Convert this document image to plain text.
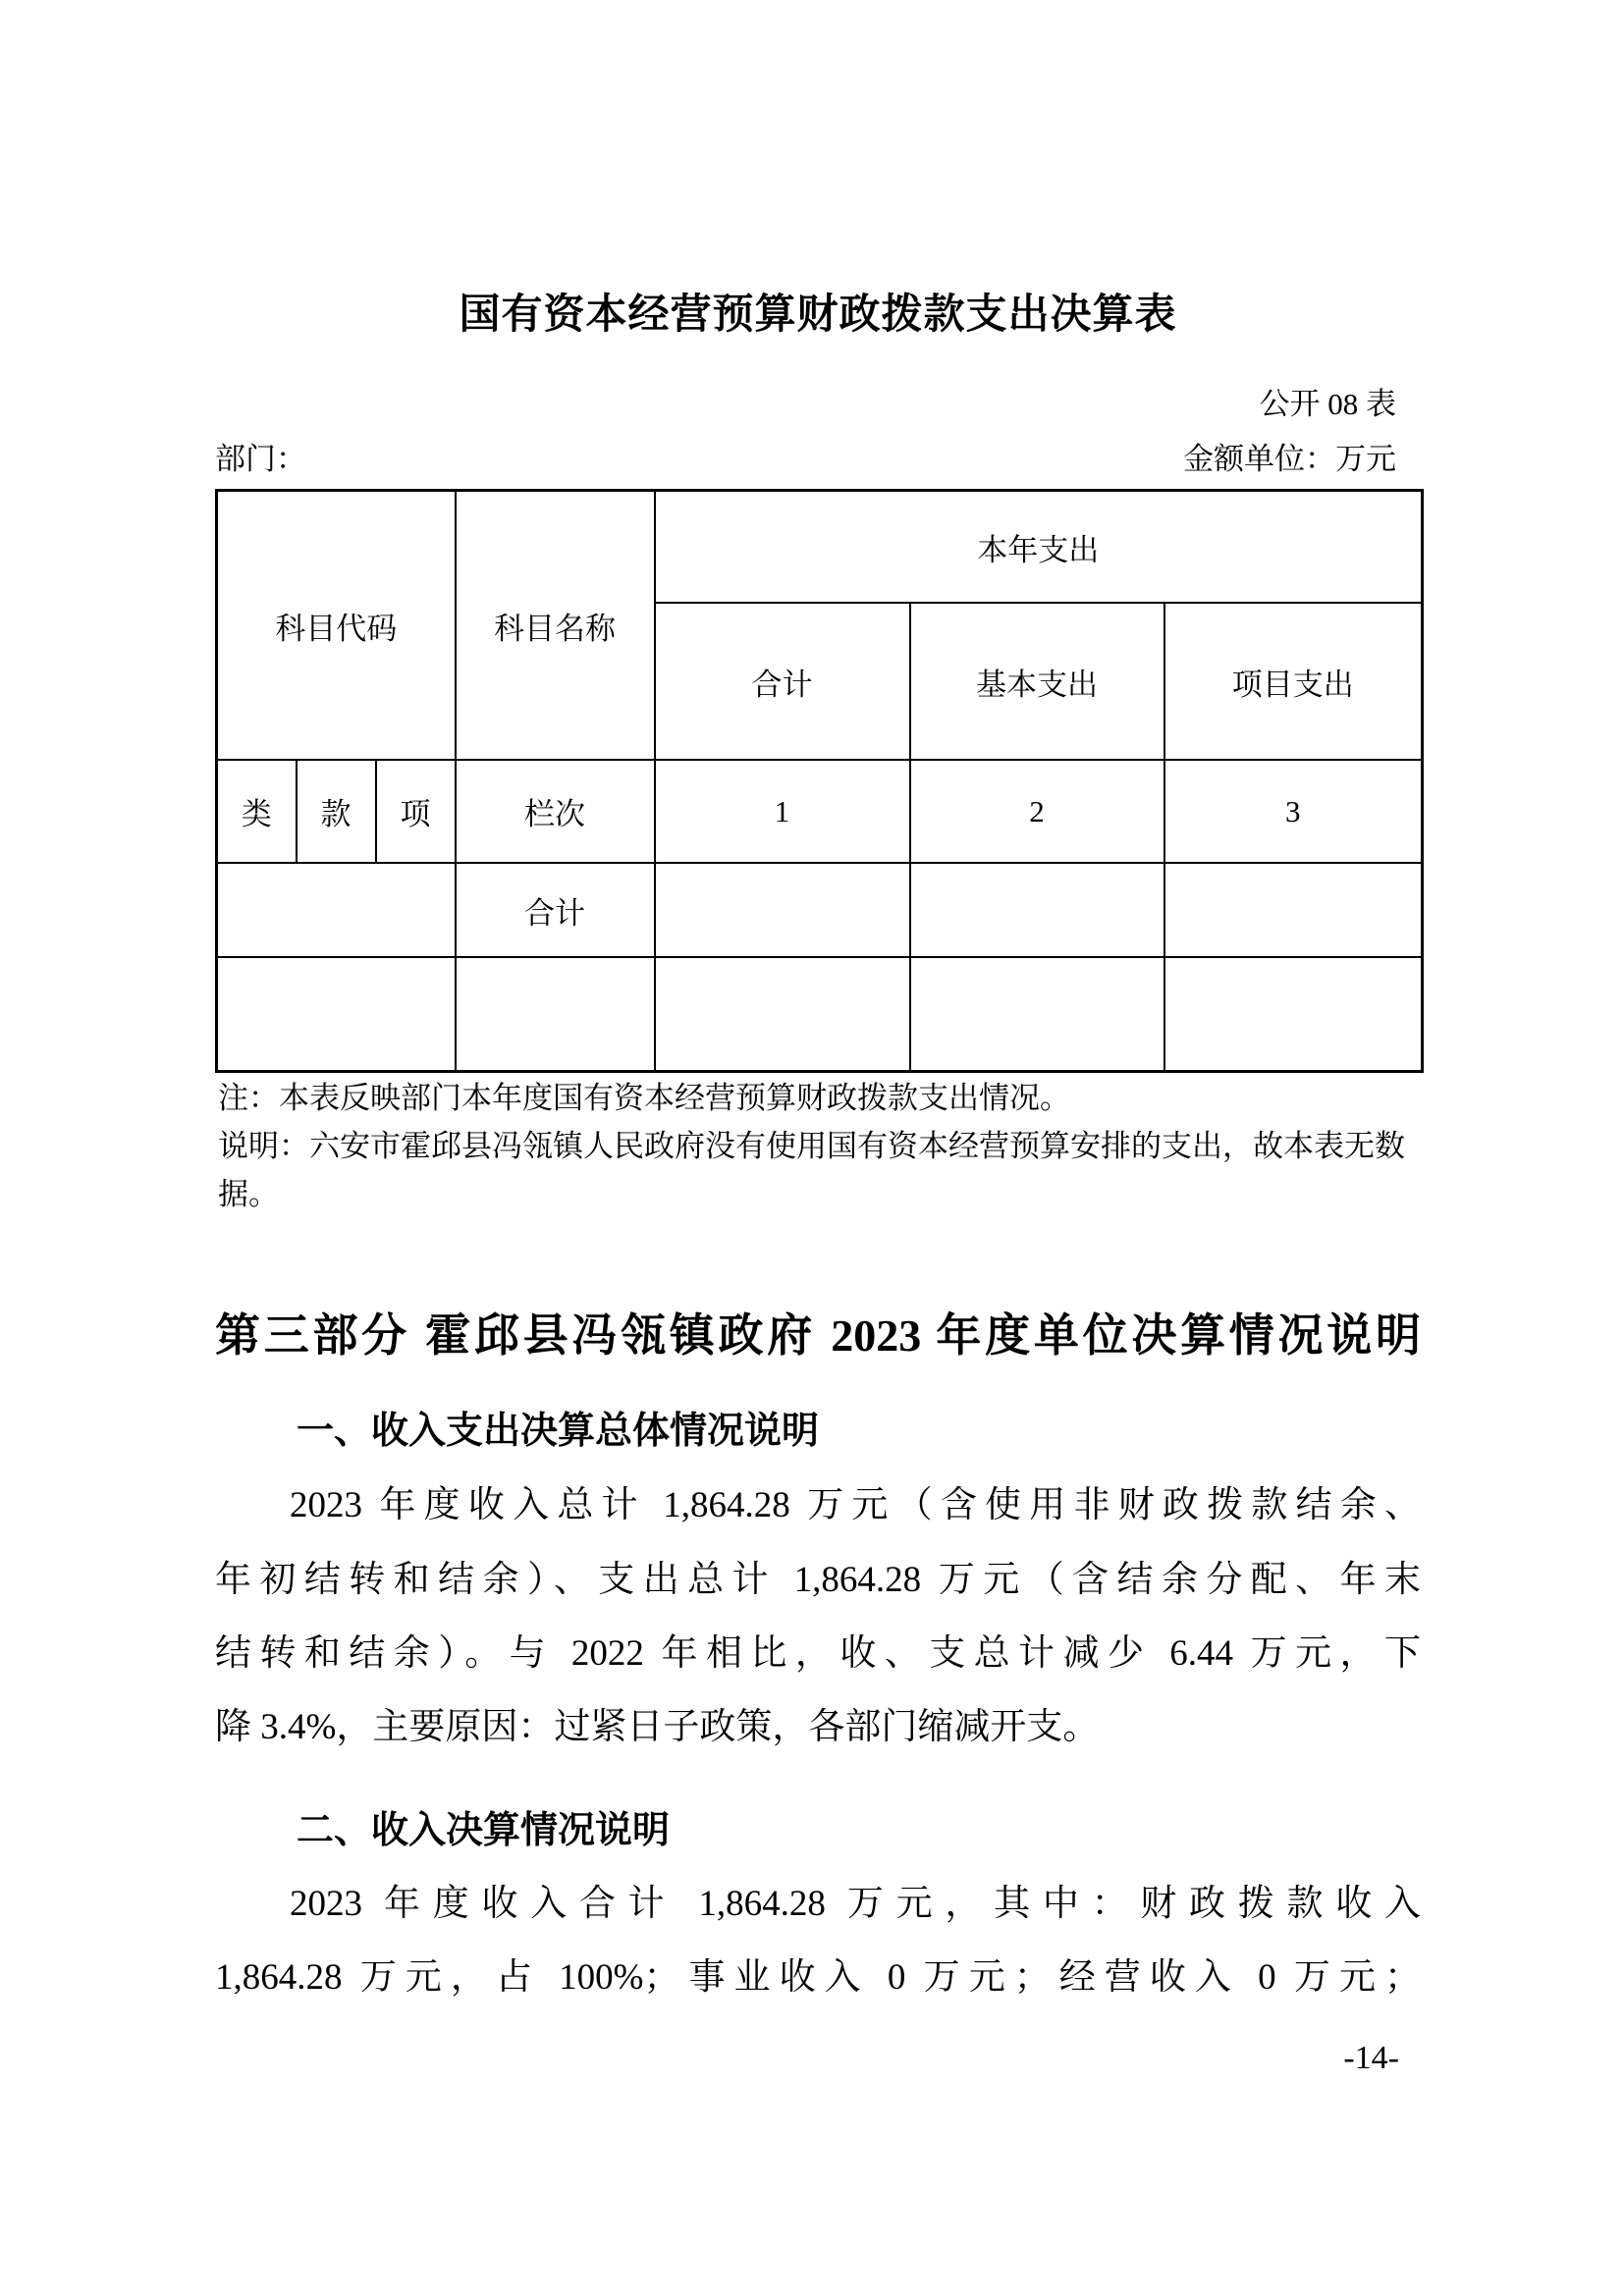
国有资本经营预算财政拨款支出决算表
公开 08 表
部门：	金额单位：万元
科目代码			科目名称	本年支出		
				合计	基本支出	项目支出
类	款	项	栏次	1	2	3
			合计			

注：本表反映部门本年度国有资本经营预算财政拨款支出情况。
说明：六安市霍邱县冯瓴镇人民政府没有使用国有资本经营预算安排的支出，故本表无数据。
第三部分 霍邱县冯瓴镇政府 2023 年度单位决算情况说明
一、收入支出决算总体情况说明
2023 年度收入总计 1,864.28 万元（含使用非财政拨款结余、
年初结转和结余）、支出总计 1,864.28 万元（含结余分配、年末
结转和结余）。与 2022 年相比，收、支总计减少 6.44 万元，下
降 3.4%，主要原因：过紧日子政策，各部门缩减开支。
二、收入决算情况说明
2023 年度收入合计 1,864.28 万元，其中：财政拨款收入
1,864.28 万元，占 100%；事业收入 0 万元；经营收入 0 万元；
-14-
